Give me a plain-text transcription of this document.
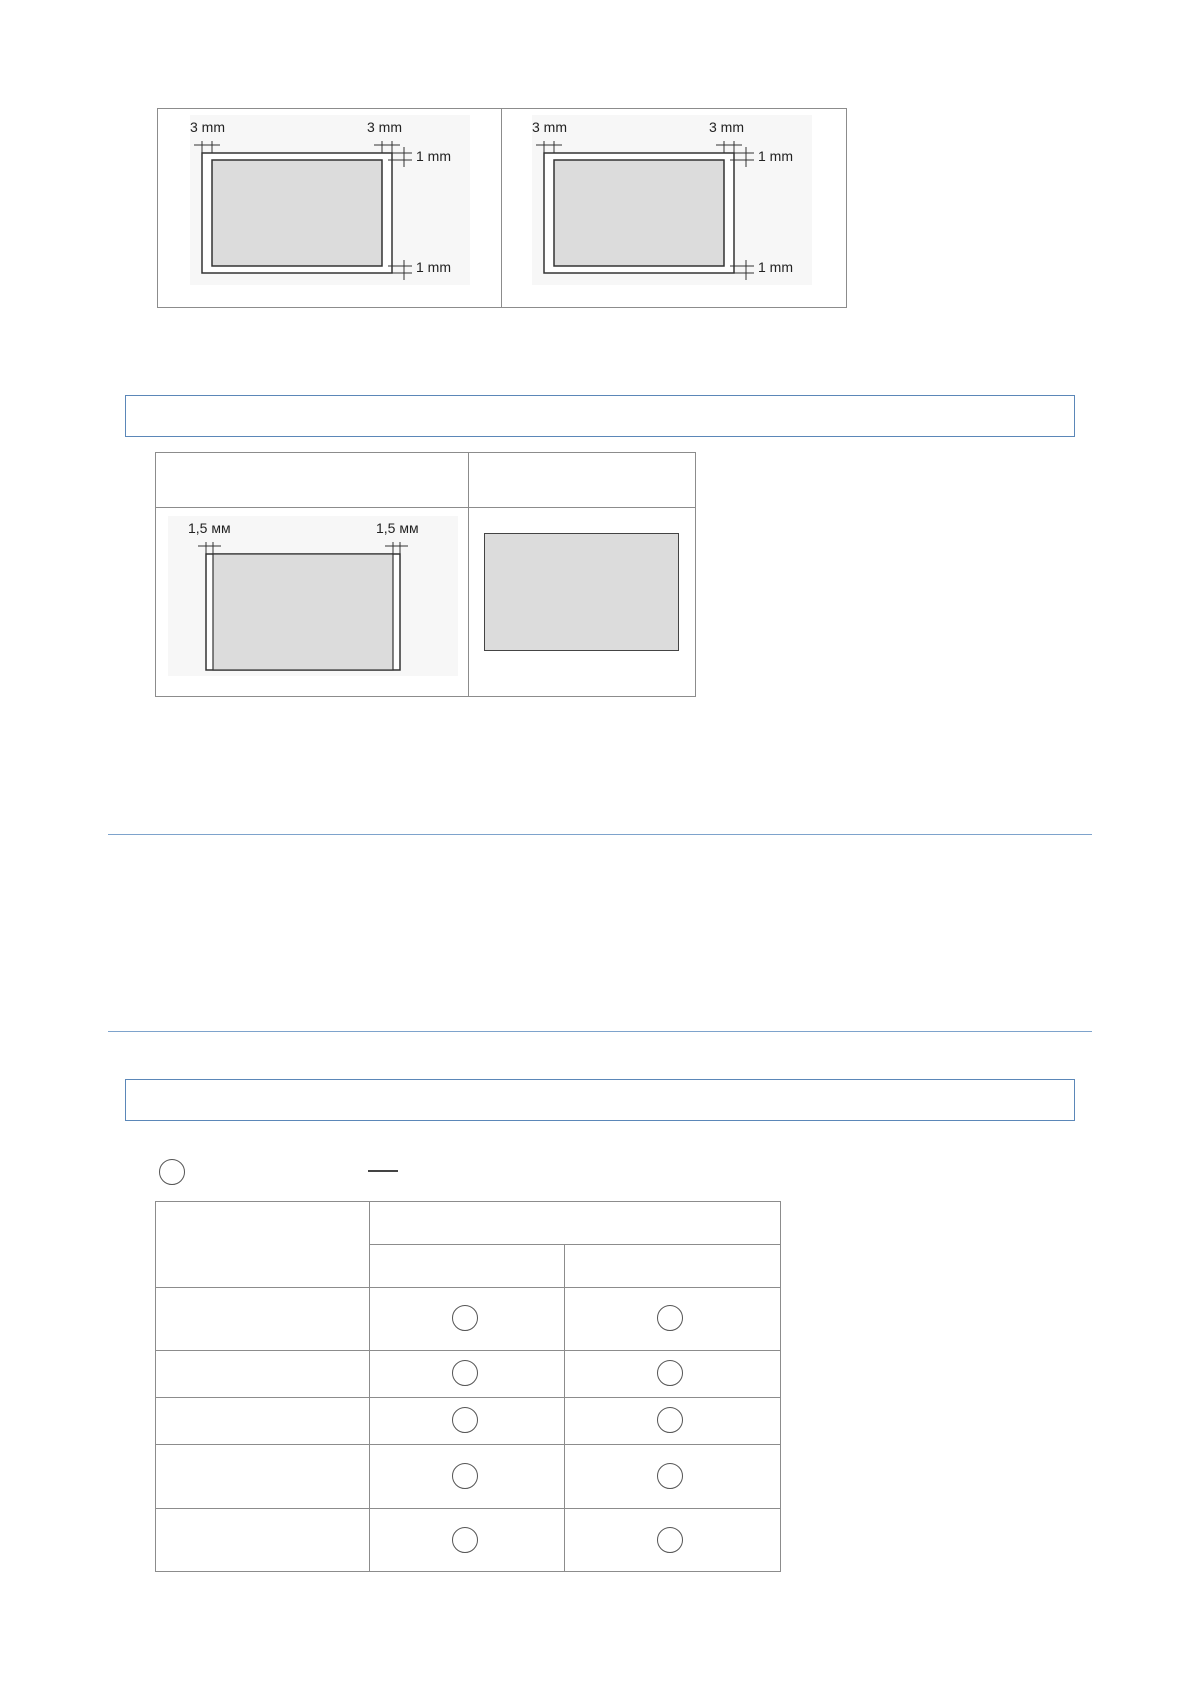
3 mm	3 mm
1 mm
1 mm
3 mm	3 mm
1 mm
1 mm
1,5 мм	1,5 мм
